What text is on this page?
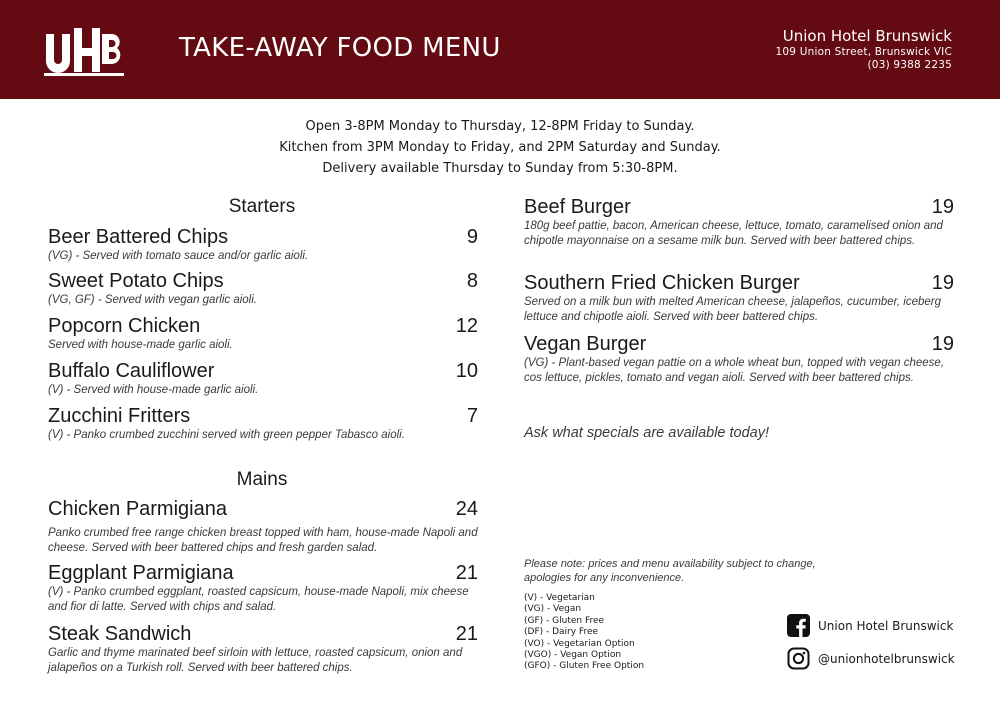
TAKE-AWAY FOOD MENU	Union Hotel Brunswick
109 Union Street, Brunswick VIC
(03) 9388 2235
Open 3-8PM Monday to Thursday, 12-8PM Friday to Sunday.
Kitchen from 3PM Monday to Friday, and 2PM Saturday and Sunday.
Delivery available Thursday to Sunday from 5:30-8PM.
Starters
Beer Battered Chips	9
(VG) - Served with tomato sauce and/or garlic aioli.
Sweet Potato Chips	8
(VG, GF) - Served with vegan garlic aioli.
Popcorn Chicken	12
Served with house-made garlic aioli.
Buffalo Cauliflower	10
(V) - Served with house-made garlic aioli.
Zucchini Fritters	7
(V) - Panko crumbed zucchini served with green pepper Tabasco aioli.
Mains
Chicken Parmigiana	24
Panko crumbed free range chicken breast topped with ham, house-made Napoli and cheese. Served with beer battered chips and fresh garden salad.
Eggplant Parmigiana	21
(V) - Panko crumbed eggplant, roasted capsicum, house-made Napoli, mix cheese and fior di latte. Served with chips and salad.
Steak Sandwich	21
Garlic and thyme marinated beef sirloin with lettuce, roasted capsicum, onion and jalapeños on a Turkish roll. Served with beer battered chips.
Beef Burger	19
180g beef pattie, bacon, American cheese, lettuce, tomato, caramelised onion and chipotle mayonnaise on a sesame milk bun. Served with beer battered chips.
Southern Fried Chicken Burger	19
Served on a milk bun with melted American cheese, jalapeños, cucumber, iceberg lettuce and chipotle aioli. Served with beer battered chips.
Vegan Burger	19
(VG) - Plant-based vegan pattie on a whole wheat bun, topped with vegan cheese, cos lettuce, pickles, tomato and vegan aioli. Served with beer battered chips.
Ask what specials are available today!
Please note: prices and menu availability subject to change, apologies for any inconvenience.
(V) - Vegetarian
(VG) - Vegan
(GF) - Gluten Free
(DF) - Dairy Free
(VO) - Vegetarian Option
(VGO) - Vegan Option
(GFO) - Gluten Free Option
Union Hotel Brunswick
@unionhotelbrunswick
